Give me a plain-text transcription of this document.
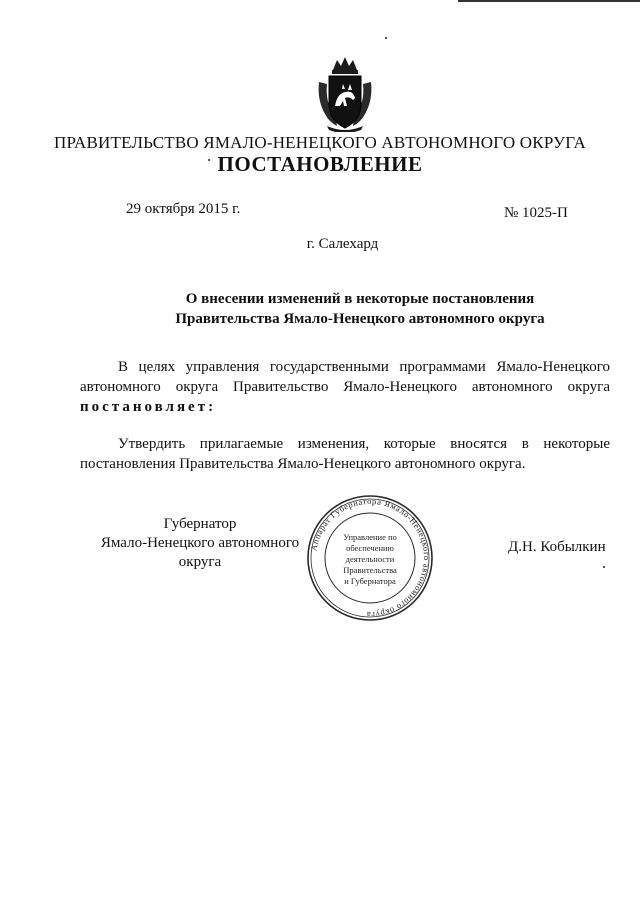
ПРАВИТЕЛЬСТВО ЯМАЛО-НЕНЕЦКОГО АВТОНОМНОГО ОКРУГА
ПОСТАНОВЛЕНИЕ
29 октября 2015 г.	№ 1025-П
г. Салехард
О внесении изменений в некоторые постановления
Правительства Ямало-Ненецкого автономного округа
В целях управления государственными программами Ямало-Ненецкого
автономного округа Правительство Ямало-Ненецкого автономного округа
постановляет:
Утвердить прилагаемые изменения, которые вносятся в некоторые
постановления Правительства Ямало-Ненецкого автономного округа.
Губернатор
Ямало-Ненецкого автономного округа
Аппарат Губернатора Ямало-Ненецкого автономного округа
Управление по
обеспечению
деятельности
Правительства
и Губернатора
Д.Н. Кобылкин
